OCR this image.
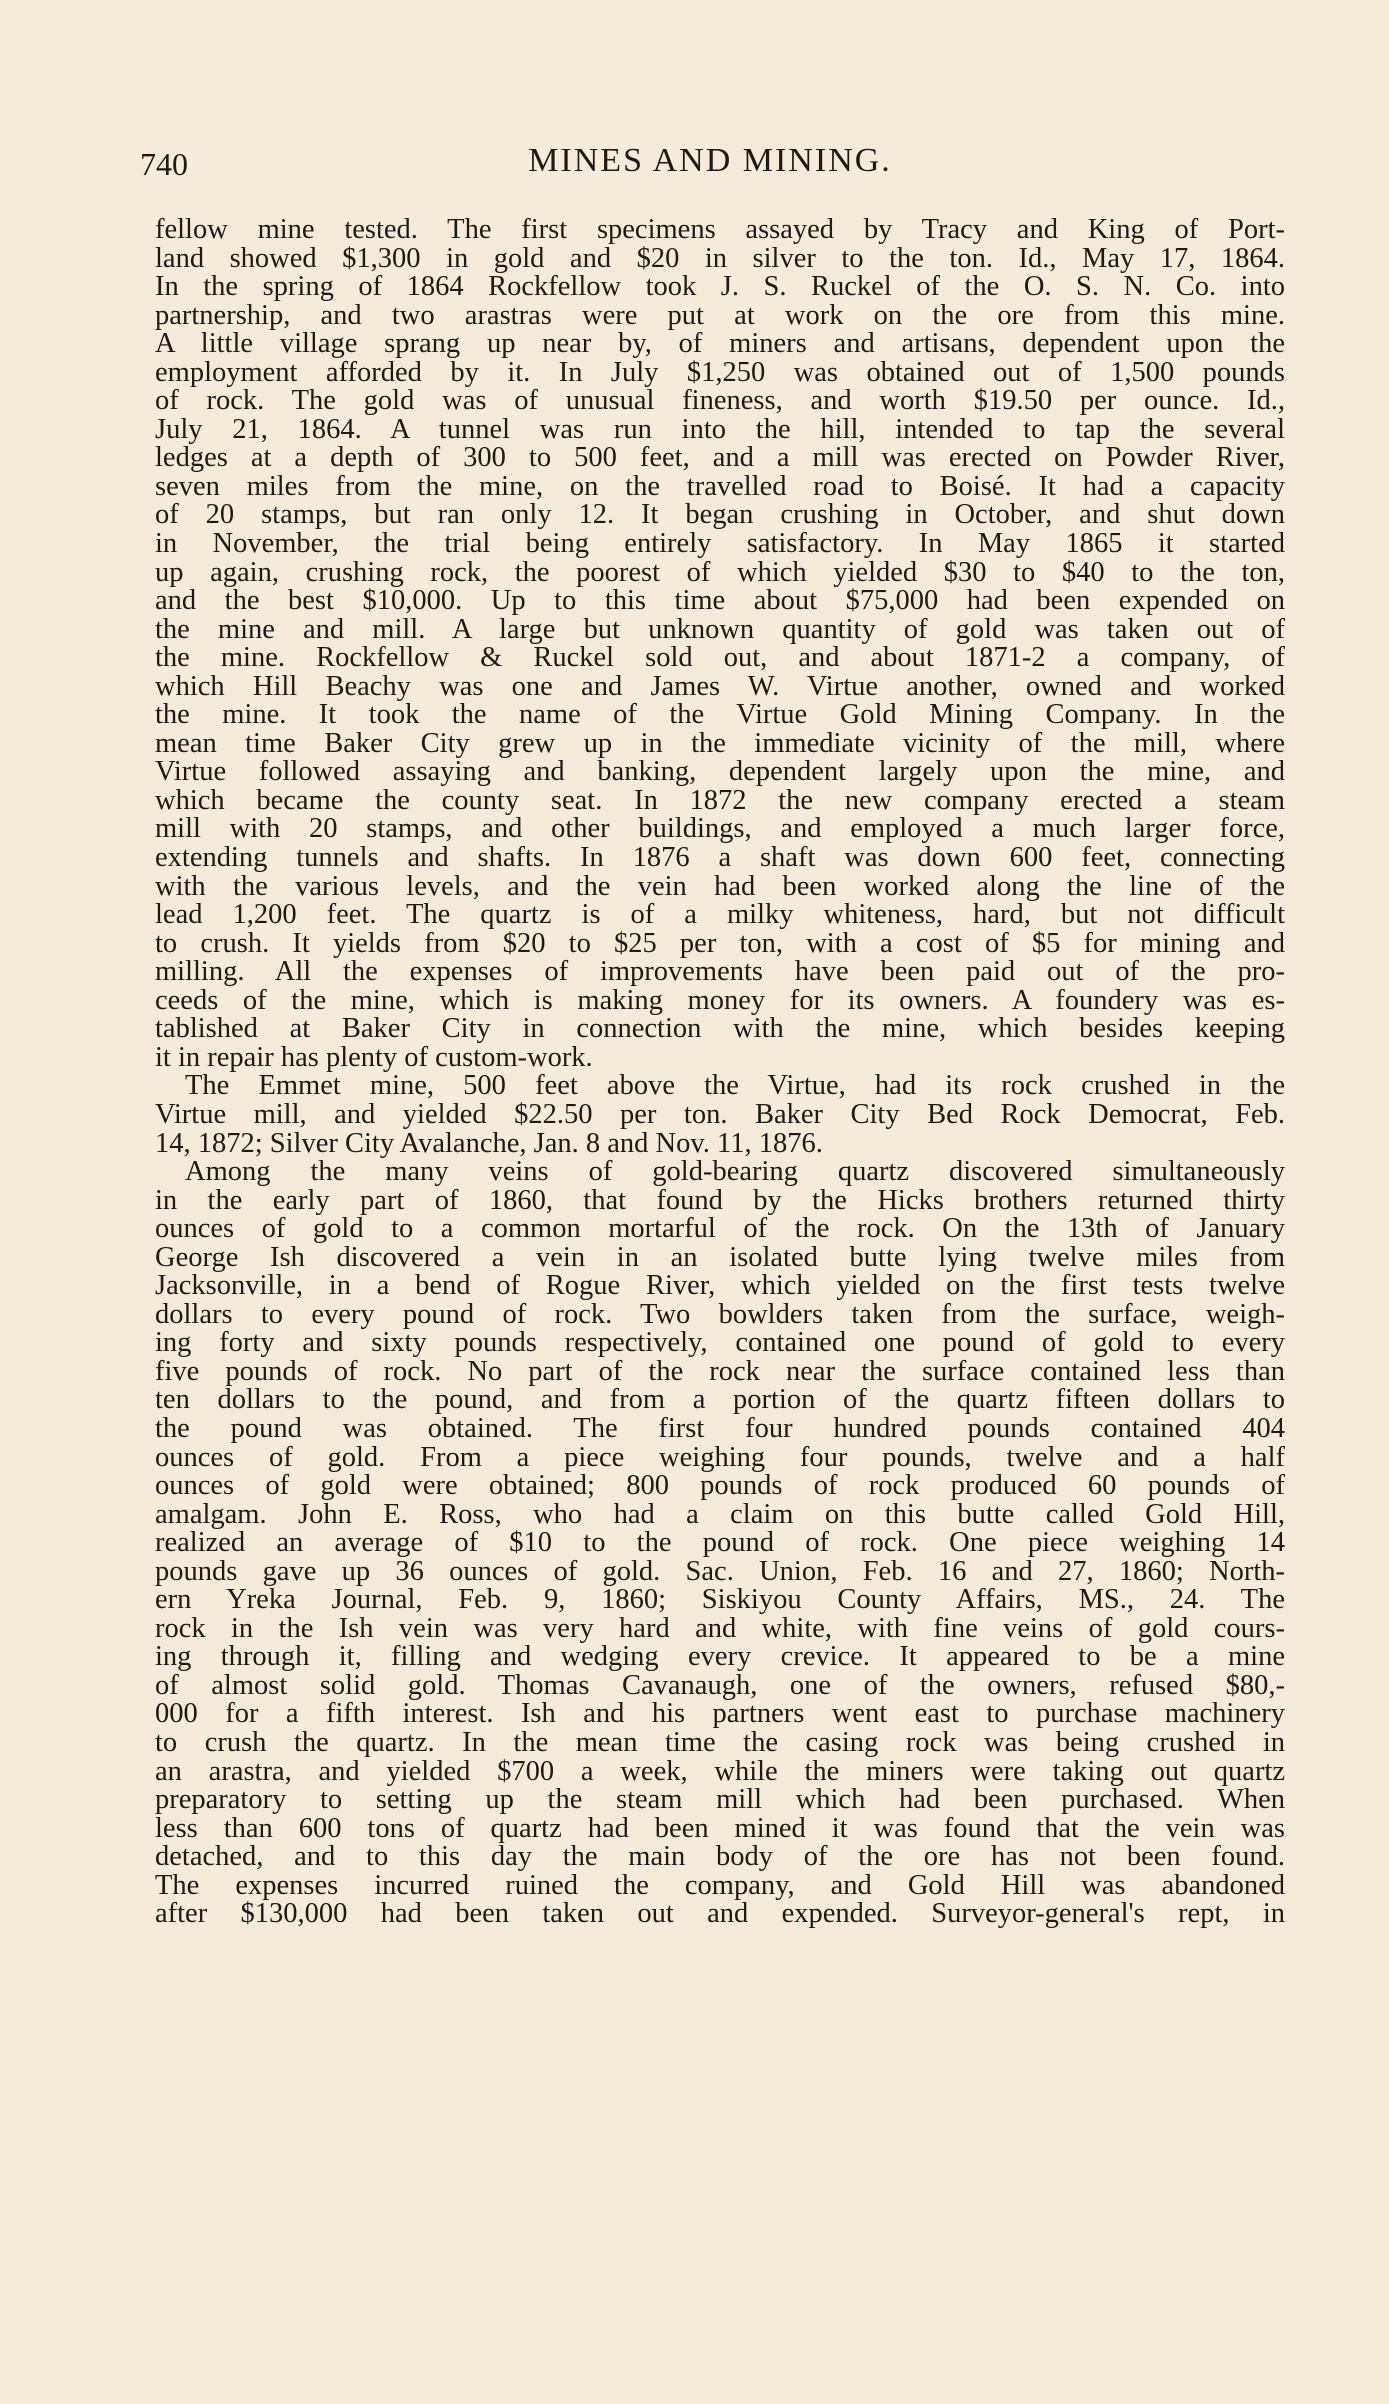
740	MINES AND MINING.
fellow mine tested. The first specimens assayed by Tracy and King of Port-
land showed $1,300 in gold and $20 in silver to the ton. Id., May 17, 1864.
In the spring of 1864 Rockfellow took J. S. Ruckel of the O. S. N. Co. into
partnership, and two arastras were put at work on the ore from this mine.
A little village sprang up near by, of miners and artisans, dependent upon the
employment afforded by it. In July $1,250 was obtained out of 1,500 pounds
of rock. The gold was of unusual fineness, and worth $19.50 per ounce. Id.,
July 21, 1864. A tunnel was run into the hill, intended to tap the several
ledges at a depth of 300 to 500 feet, and a mill was erected on Powder River,
seven miles from the mine, on the travelled road to Boisé. It had a capacity
of 20 stamps, but ran only 12. It began crushing in October, and shut down
in November, the trial being entirely satisfactory. In May 1865 it started
up again, crushing rock, the poorest of which yielded $30 to $40 to the ton,
and the best $10,000. Up to this time about $75,000 had been expended on
the mine and mill. A large but unknown quantity of gold was taken out of
the mine. Rockfellow & Ruckel sold out, and about 1871-2 a company, of
which Hill Beachy was one and James W. Virtue another, owned and worked
the mine. It took the name of the Virtue Gold Mining Company. In the
mean time Baker City grew up in the immediate vicinity of the mill, where
Virtue followed assaying and banking, dependent largely upon the mine, and
which became the county seat. In 1872 the new company erected a steam
mill with 20 stamps, and other buildings, and employed a much larger force,
extending tunnels and shafts. In 1876 a shaft was down 600 feet, connecting
with the various levels, and the vein had been worked along the line of the
lead 1,200 feet. The quartz is of a milky whiteness, hard, but not difficult
to crush. It yields from $20 to $25 per ton, with a cost of $5 for mining and
milling. All the expenses of improvements have been paid out of the pro-
ceeds of the mine, which is making money for its owners. A foundery was es-
tablished at Baker City in connection with the mine, which besides keeping
it in repair has plenty of custom-work.
The Emmet mine, 500 feet above the Virtue, had its rock crushed in the
Virtue mill, and yielded $22.50 per ton. Baker City Bed Rock Democrat, Feb.
14, 1872; Silver City Avalanche, Jan. 8 and Nov. 11, 1876.
Among the many veins of gold-bearing quartz discovered simultaneously
in the early part of 1860, that found by the Hicks brothers returned thirty
ounces of gold to a common mortarful of the rock. On the 13th of January
George Ish discovered a vein in an isolated butte lying twelve miles from
Jacksonville, in a bend of Rogue River, which yielded on the first tests twelve
dollars to every pound of rock. Two bowlders taken from the surface, weigh-
ing forty and sixty pounds respectively, contained one pound of gold to every
five pounds of rock. No part of the rock near the surface contained less than
ten dollars to the pound, and from a portion of the quartz fifteen dollars to
the pound was obtained. The first four hundred pounds contained 404
ounces of gold. From a piece weighing four pounds, twelve and a half
ounces of gold were obtained; 800 pounds of rock produced 60 pounds of
amalgam. John E. Ross, who had a claim on this butte called Gold Hill,
realized an average of $10 to the pound of rock. One piece weighing 14
pounds gave up 36 ounces of gold. Sac. Union, Feb. 16 and 27, 1860; North-
ern Yreka Journal, Feb. 9, 1860; Siskiyou County Affairs, MS., 24. The
rock in the Ish vein was very hard and white, with fine veins of gold cours-
ing through it, filling and wedging every crevice. It appeared to be a mine
of almost solid gold. Thomas Cavanaugh, one of the owners, refused $80,-
000 for a fifth interest. Ish and his partners went east to purchase machinery
to crush the quartz. In the mean time the casing rock was being crushed in
an arastra, and yielded $700 a week, while the miners were taking out quartz
preparatory to setting up the steam mill which had been purchased. When
less than 600 tons of quartz had been mined it was found that the vein was
detached, and to this day the main body of the ore has not been found.
The expenses incurred ruined the company, and Gold Hill was abandoned
after $130,000 had been taken out and expended. Surveyor-general's rept, in
